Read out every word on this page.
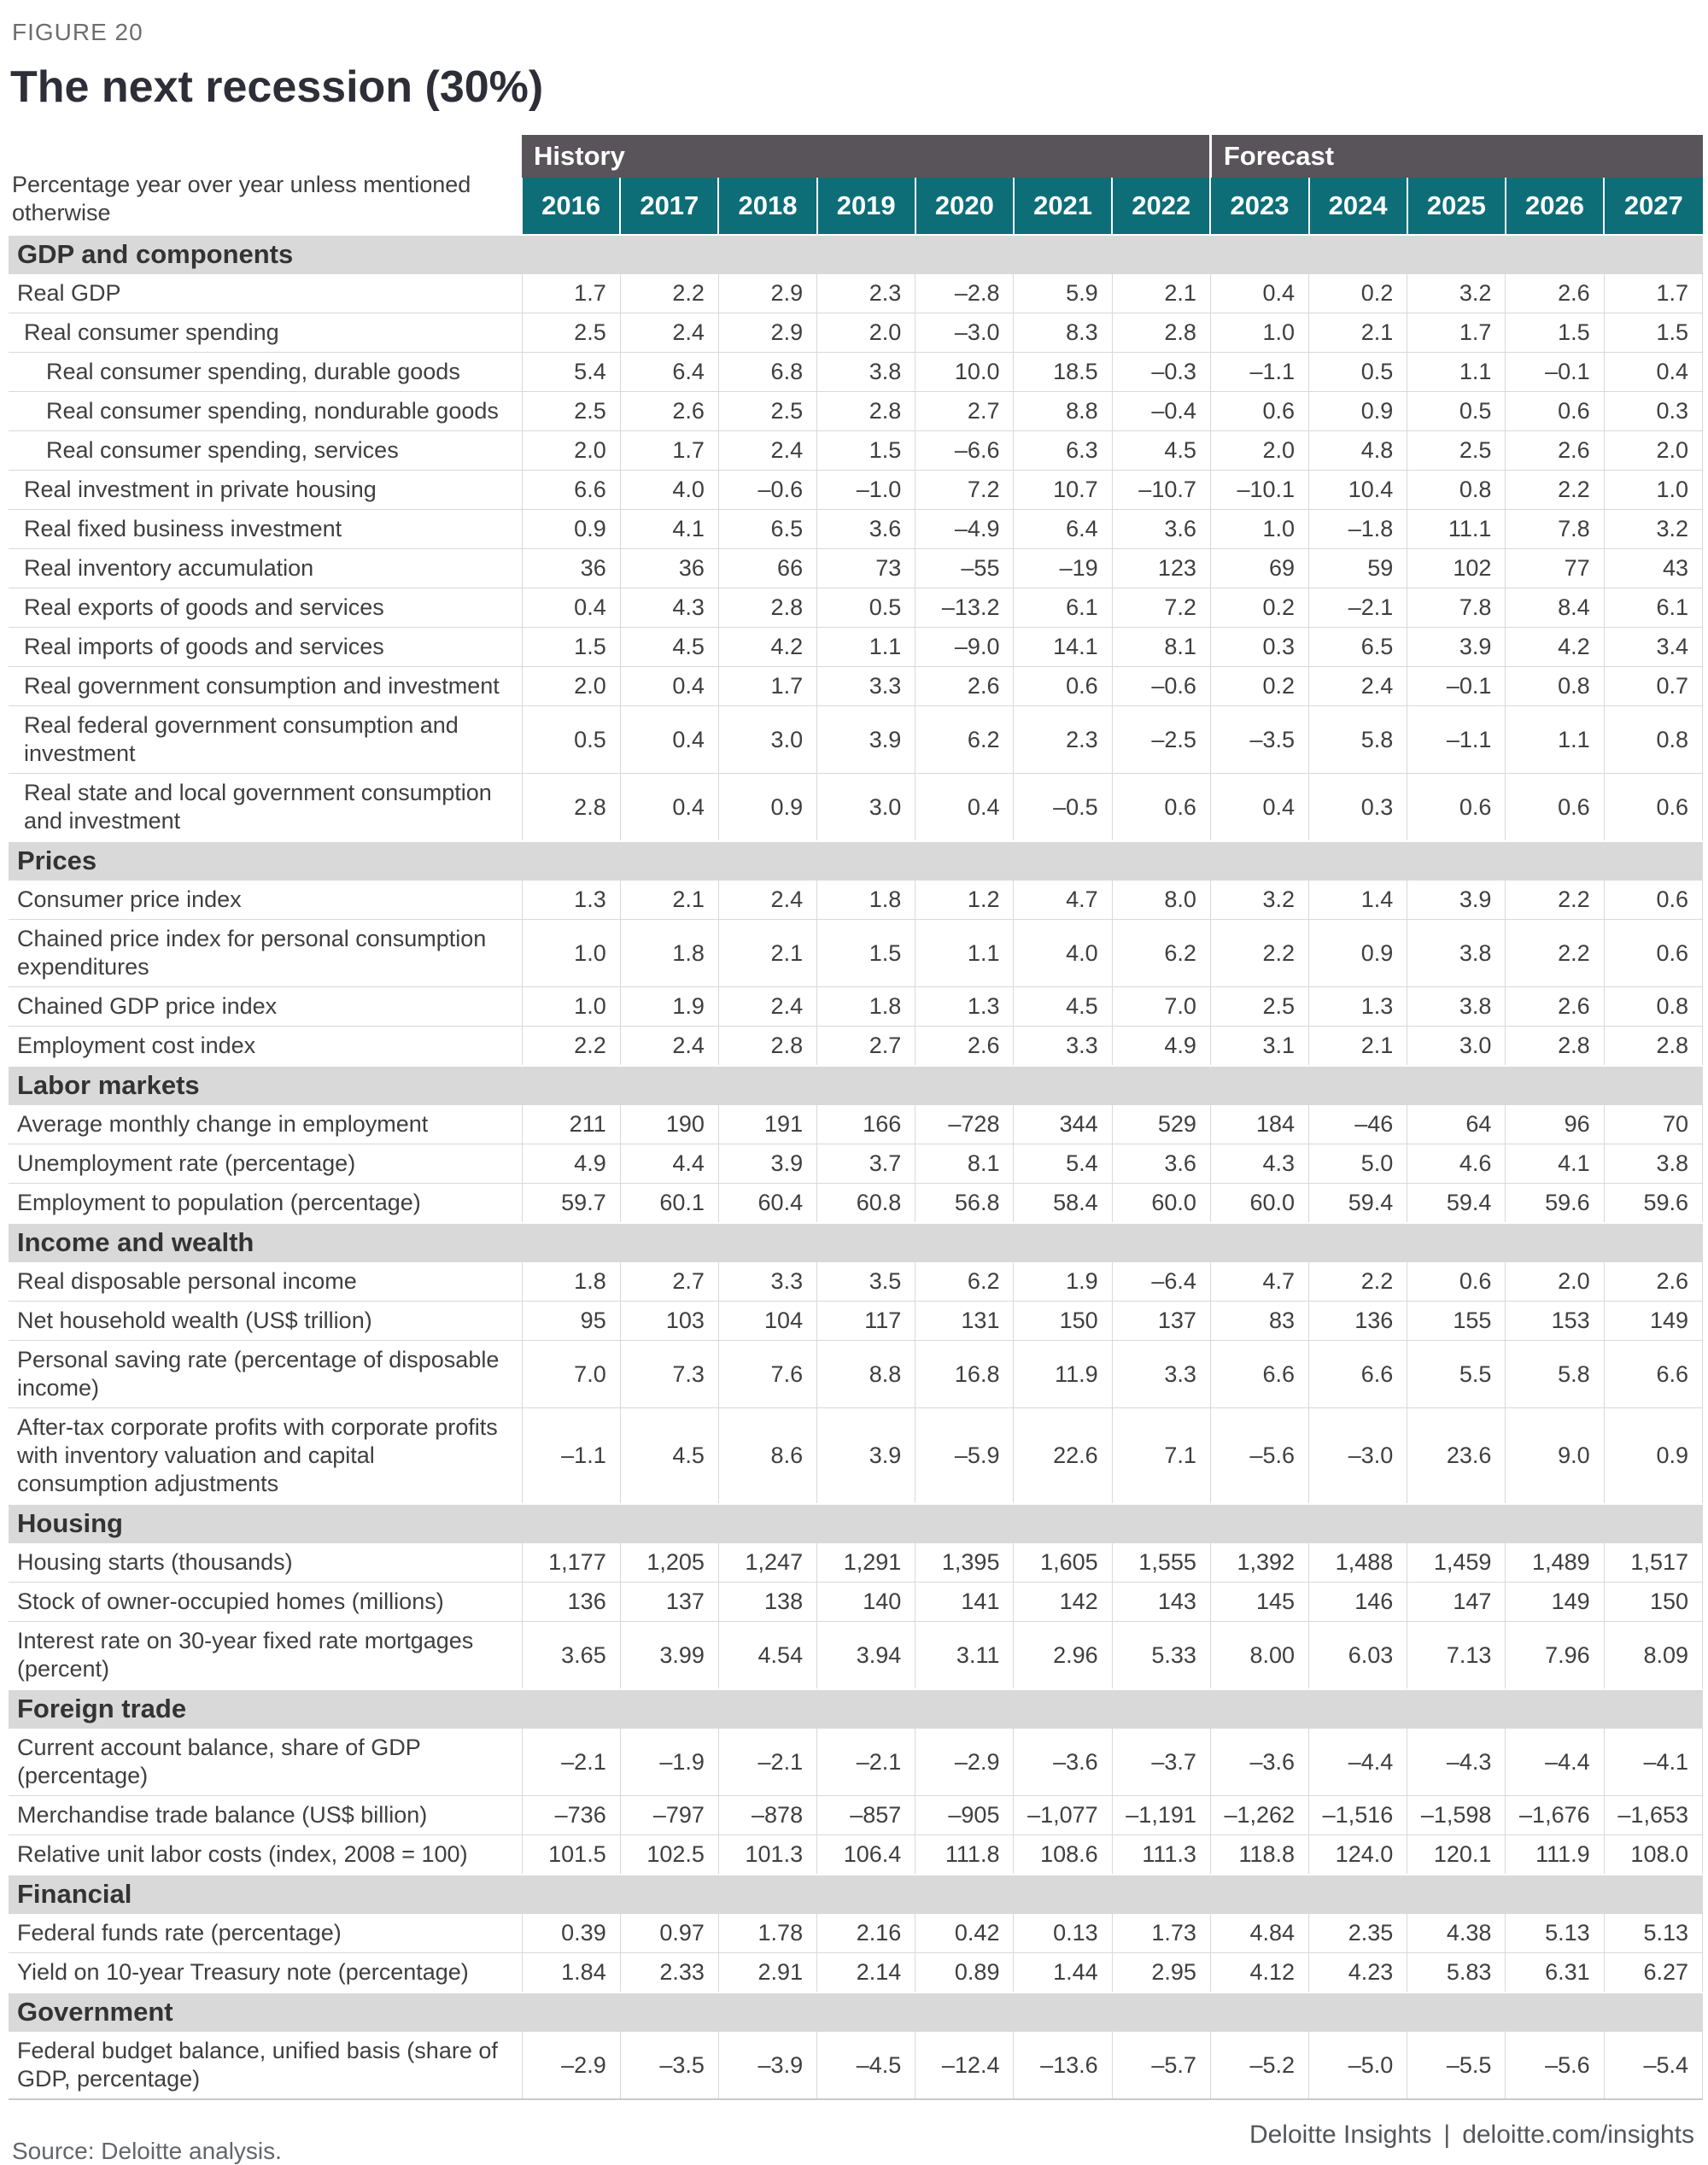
FIGURE 20
The next recession (30%)
Percentage year over year unless mentioned otherwise	History							Forecast				
	2016	2017	2018	2019	2020	2021	2022	2023	2024	2025	2026	2027
GDP and components												
Real GDP	1.7	2.2	2.9	2.3	–2.8	5.9	2.1	0.4	0.2	3.2	2.6	1.7
Real consumer spending	2.5	2.4	2.9	2.0	–3.0	8.3	2.8	1.0	2.1	1.7	1.5	1.5
Real consumer spending, durable goods	5.4	6.4	6.8	3.8	10.0	18.5	–0.3	–1.1	0.5	1.1	–0.1	0.4
Real consumer spending, nondurable goods	2.5	2.6	2.5	2.8	2.7	8.8	–0.4	0.6	0.9	0.5	0.6	0.3
Real consumer spending, services	2.0	1.7	2.4	1.5	–6.6	6.3	4.5	2.0	4.8	2.5	2.6	2.0
Real investment in private housing	6.6	4.0	–0.6	–1.0	7.2	10.7	–10.7	–10.1	10.4	0.8	2.2	1.0
Real fixed business investment	0.9	4.1	6.5	3.6	–4.9	6.4	3.6	1.0	–1.8	11.1	7.8	3.2
Real inventory accumulation	36	36	66	73	–55	–19	123	69	59	102	77	43
Real exports of goods and services	0.4	4.3	2.8	0.5	–13.2	6.1	7.2	0.2	–2.1	7.8	8.4	6.1
Real imports of goods and services	1.5	4.5	4.2	1.1	–9.0	14.1	8.1	0.3	6.5	3.9	4.2	3.4
Real government consumption and investment	2.0	0.4	1.7	3.3	2.6	0.6	–0.6	0.2	2.4	–0.1	0.8	0.7
Real federal government consumption and investment	0.5	0.4	3.0	3.9	6.2	2.3	–2.5	–3.5	5.8	–1.1	1.1	0.8
Real state and local government consumption and investment	2.8	0.4	0.9	3.0	0.4	–0.5	0.6	0.4	0.3	0.6	0.6	0.6
Prices												
Consumer price index	1.3	2.1	2.4	1.8	1.2	4.7	8.0	3.2	1.4	3.9	2.2	0.6
Chained price index for personal consumption expenditures	1.0	1.8	2.1	1.5	1.1	4.0	6.2	2.2	0.9	3.8	2.2	0.6
Chained GDP price index	1.0	1.9	2.4	1.8	1.3	4.5	7.0	2.5	1.3	3.8	2.6	0.8
Employment cost index	2.2	2.4	2.8	2.7	2.6	3.3	4.9	3.1	2.1	3.0	2.8	2.8
Labor markets												
Average monthly change in employment	211	190	191	166	–728	344	529	184	–46	64	96	70
Unemployment rate (percentage)	4.9	4.4	3.9	3.7	8.1	5.4	3.6	4.3	5.0	4.6	4.1	3.8
Employment to population (percentage)	59.7	60.1	60.4	60.8	56.8	58.4	60.0	60.0	59.4	59.4	59.6	59.6
Income and wealth												
Real disposable personal income	1.8	2.7	3.3	3.5	6.2	1.9	–6.4	4.7	2.2	0.6	2.0	2.6
Net household wealth (US$ trillion)	95	103	104	117	131	150	137	83	136	155	153	149
Personal saving rate (percentage of disposable income)	7.0	7.3	7.6	8.8	16.8	11.9	3.3	6.6	6.6	5.5	5.8	6.6
After-tax corporate profits with corporate profits with inventory valuation and capital consumption adjustments	–1.1	4.5	8.6	3.9	–5.9	22.6	7.1	–5.6	–3.0	23.6	9.0	0.9
Housing												
Housing starts (thousands)	1,177	1,205	1,247	1,291	1,395	1,605	1,555	1,392	1,488	1,459	1,489	1,517
Stock of owner-occupied homes (millions)	136	137	138	140	141	142	143	145	146	147	149	150
Interest rate on 30-year fixed rate mortgages (percent)	3.65	3.99	4.54	3.94	3.11	2.96	5.33	8.00	6.03	7.13	7.96	8.09
Foreign trade												
Current account balance, share of GDP (percentage)	–2.1	–1.9	–2.1	–2.1	–2.9	–3.6	–3.7	–3.6	–4.4	–4.3	–4.4	–4.1
Merchandise trade balance (US$ billion)	–736	–797	–878	–857	–905	–1,077	–1,191	–1,262	–1,516	–1,598	–1,676	–1,653
Relative unit labor costs (index, 2008 = 100)	101.5	102.5	101.3	106.4	111.8	108.6	111.3	118.8	124.0	120.1	111.9	108.0
Financial												
Federal funds rate (percentage)	0.39	0.97	1.78	2.16	0.42	0.13	1.73	4.84	2.35	4.38	5.13	5.13
Yield on 10-year Treasury note (percentage)	1.84	2.33	2.91	2.14	0.89	1.44	2.95	4.12	4.23	5.83	6.31	6.27
Government												
Federal budget balance, unified basis (share of GDP, percentage)	–2.9	–3.5	–3.9	–4.5	–12.4	–13.6	–5.7	–5.2	–5.0	–5.5	–5.6	–5.4
Source: Deloitte analysis.
Deloitte Insights | deloitte.com/insights
